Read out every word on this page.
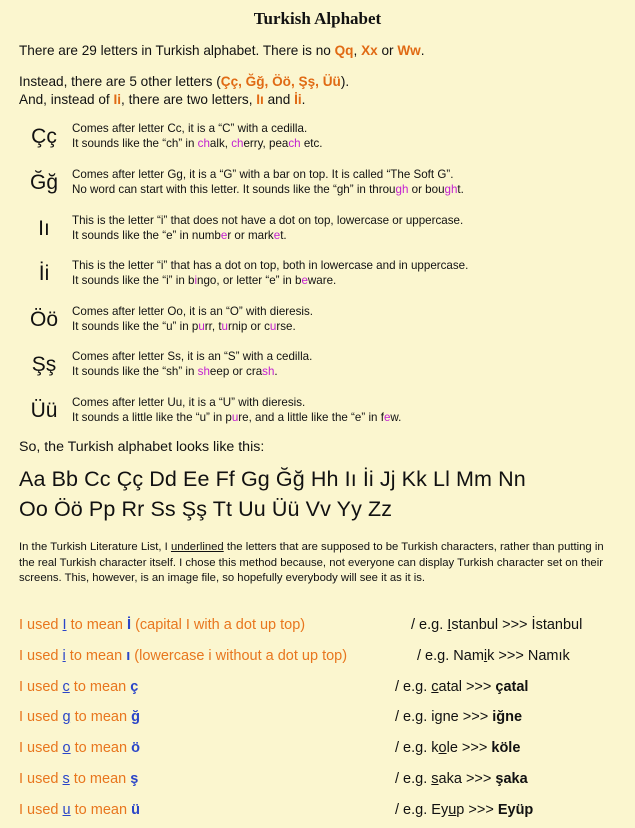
Turkish Alphabet
There are 29 letters in Turkish alphabet. There is no Qq, Xx or Ww.
Instead, there are 5 other letters (Çç, Ğğ, Öö, Şş, Üü).
And, instead of Ii, there are two letters, Iı and İi.
Çç	Comes after letter Cc, it is a “C” with a cedilla.
It sounds like the “ch” in chalk, cherry, peach etc.
Ğğ	Comes after letter Gg, it is a “G” with a bar on top. It is called “The Soft G”.
No word can start with this letter. It sounds like the “gh” in through or bought.
Iı	This is the letter “i” that does not have a dot on top, lowercase or uppercase.
It sounds like the “e” in number or market.
İi	This is the letter “i” that has a dot on top, both in lowercase and in uppercase.
It sounds like the “i” in bingo, or letter “e” in beware.
Öö	Comes after letter Oo, it is an “O” with dieresis.
It sounds like the “u” in purr, turnip or curse.
Şş	Comes after letter Ss, it is an “S” with a cedilla.
It sounds like the “sh” in sheep or crash.
Üü	Comes after letter Uu, it is a “U” with dieresis.
It sounds a little like the “u” in pure, and a little like the “e” in few.
So, the Turkish alphabet looks like this:
Aa Bb Cc Çç Dd Ee Ff Gg Ğğ Hh Iı İi Jj Kk Ll Mm Nn
Oo Öö Pp Rr Ss Şş Tt Uu Üü Vv Yy Zz
In the Turkish Literature List, I underlined the letters that are supposed to be Turkish characters, rather than putting in the real Turkish character itself. I chose this method because, not everyone can display Turkish character set on their screens. This, however, is an image file, so hopefully everybody will see it as it is.
I used I to mean İ (capital I with a dot up top)	/ e.g. Istanbul >>> İstanbul
I used i to mean ı (lowercase i without a dot up top)	/ e.g. Namik >>> Namık
I used c to mean ç	/ e.g. catal >>> çatal
I used g to mean ğ	/ e.g. igne >>> iğne
I used o to mean ö	/ e.g. kole >>> köle
I used s to mean ş	/ e.g. saka >>> şaka
I used u to mean ü	/ e.g. Eyup >>> Eyüp
